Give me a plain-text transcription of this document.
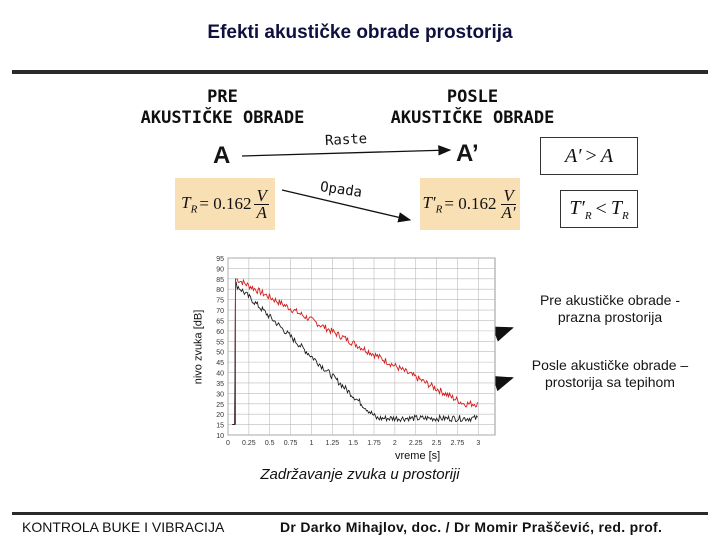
Efekti akustičke obrade prostorija
PRE
AKUSTIČKE OBRADE
POSLE
AKUSTIČKE OBRADE
A	A’
Raste
Opada
$T_R = 0.162 \frac{V}{A}$	$T'_R = 0.162 \frac{V}{A'}$
A′ > A
$T'_R < T_R$
nivo zvuka [dB]
95
90
85
80
75
70
65
60
55
50
45
40
35
30
25
20
15
10
0 0.25 0.5 0.75 1 1.25 1.5 1.75 2 2.25 2.5 2.75 3
vreme [s]
Zadržavanje zvuka u prostoriji
Pre akustičke obrade -
prazna prostorija
Posle akustičke obrade –
prostorija sa tepihom
KONTROLA BUKE I VIBRACIJA	Dr Darko Mihajlov, doc. / Dr Momir Praščević, red. prof.
